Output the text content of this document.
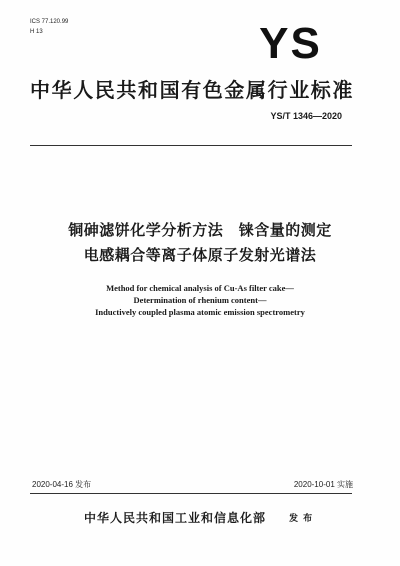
ICS 77.120.99
H 13	YS
中华人民共和国有色金属行业标准
YS/T 1346—2020
铜砷滤饼化学分析方法　铼含量的测定
电感耦合等离子体原子发射光谱法
Method for chemical analysis of Cu-As filter cake—
Determination of rhenium content—
Inductively coupled plasma atomic emission spectrometry
2020-04-16 发布	2020-10-01 实施
中华人民共和国工业和信息化部	发 布
